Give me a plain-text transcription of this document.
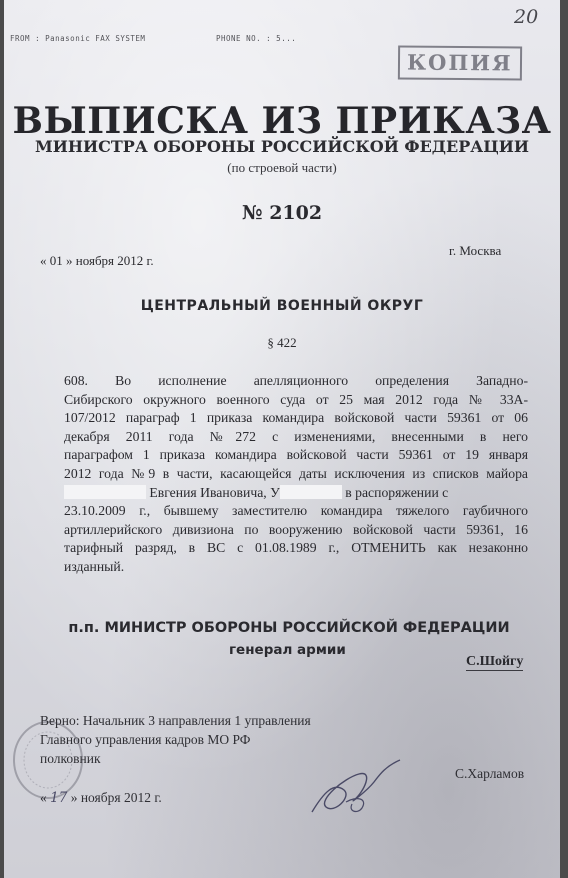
FROM : Panasonic FAX SYSTEM	PHONE NO. : 5...
20
КОПИЯ
ВЫПИСКА ИЗ ПРИКАЗА
МИНИСТРА ОБОРОНЫ РОССИЙСКОЙ ФЕДЕРАЦИИ
(по строевой части)
№ 2102
« 01 » ноября 2012 г.
г. Москва
ЦЕНТРАЛЬНЫЙ ВОЕННЫЙ ОКРУГ
§ 422
608. Во исполнение апелляционного определения Западно-
Сибирского окружного военного суда от 25 мая 2012 года № 33А-
107/2012 параграф 1 приказа командира войсковой части 59361 от 06
декабря 2011 года №272 с изменениями, внесенными в него
параграфом 1 приказа командира войсковой части 59361 от 19 января
2012 года №9 в части, касающейся даты исключения из списков майора
Евгения Ивановича, У	в распоряжении с
23.10.2009 г., бывшему заместителю командира тяжелого гаубичного
артиллерийского дивизиона по вооружению войсковой части 59361, 16
тарифный разряд, в ВС с 01.08.1989 г., ОТМЕНИТЬ как незаконно
изданный.
п.п. МИНИСТР ОБОРОНЫ РОССИЙСКОЙ ФЕДЕРАЦИИ
генерал армии
С.Шойгу
Верно: Начальник 3 направления 1 управления
Главного управления кадров МО РФ
полковник
С.Харламов
« 17 » ноября 2012 г.
